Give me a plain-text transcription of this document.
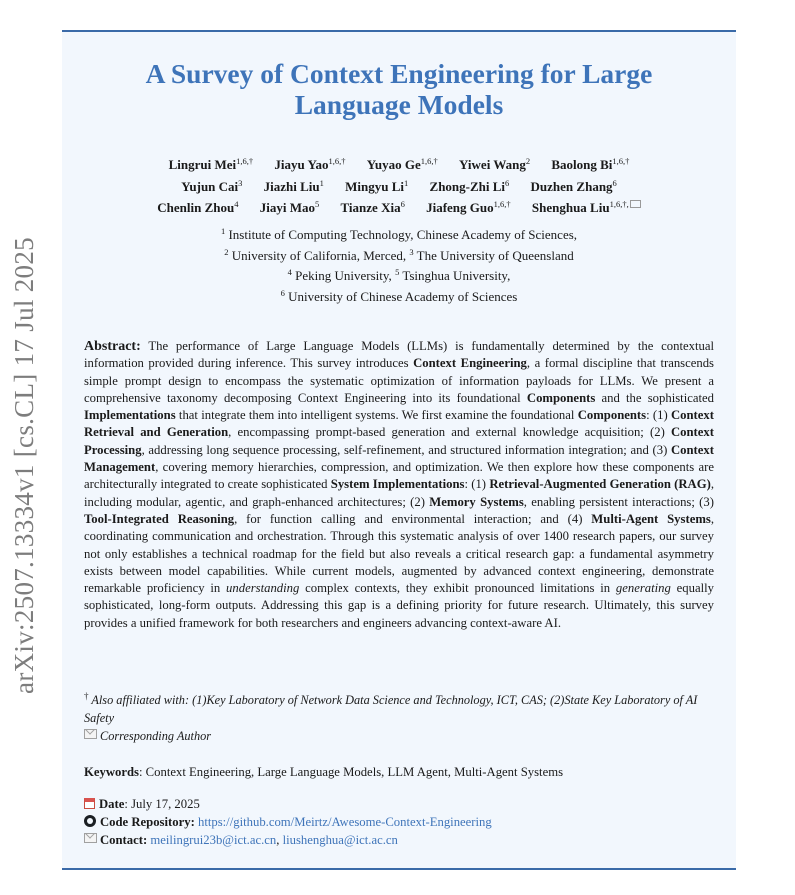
arXiv:2507.13334v1 [cs.CL] 17 Jul 2025
A Survey of Context Engineering for Large Language Models
Lingrui Mei$^{1,6,\dagger}$ Jiayu Yao$^{1,6,\dagger}$ Yuyao $Ge^{1,6,\dagger}$ Yiwei Wang$^2$ Baolong $Bi^{1,6,\dagger}$
Yujun Cai$^3$ Jiazhi Liu$^1$ Mingyu Li$^1$ Zhong-Zhi Li$^6$ Duzhen Zhang$^6$
Chenlin Zhou$^4$ Jiayi Mao$^5$ Tianze Xia$^6$ Jiafeng Guo$^{1,6,\dagger}$ Shenghua Liu$^{1,6,\dagger,}$
$^1$ Institute of Computing Technology, Chinese Academy of Sciences,
$^2$ University of California, Merced, $^3$ The University of Queensland
$^4$ Peking University, $^5$ Tsinghua University,
$^6$ University of Chinese Academy of Sciences
Abstract: The performance of Large Language Models (LLMs) is fundamentally determined by the contextual information provided during inference. This survey introduces Context Engineering, a formal discipline that transcends simple prompt design to encompass the systematic optimization of information payloads for LLMs. We present a comprehensive taxonomy decomposing Context Engineering into its foundational Components and the sophisticated Implementations that integrate them into intelligent systems. We first examine the foundational Components: (1) Context Retrieval and Generation, encompassing prompt-based generation and external knowledge acquisition; (2) Context Processing, addressing long sequence processing, self-refinement, and structured information integration; and (3) Context Management, covering memory hierarchies, compression, and optimization. We then explore how these components are architecturally integrated to create sophisticated System Implementations: (1) Retrieval-Augmented Generation (RAG), including modular, agentic, and graph-enhanced architectures; (2) Memory Systems, enabling persistent interactions; (3) Tool-Integrated Reasoning, for function calling and environmental interaction; and (4) Multi-Agent Systems, coordinating communication and orchestration. Through this systematic analysis of over 1400 research papers, our survey not only establishes a technical roadmap for the field but also reveals a critical research gap: a fundamental asymmetry exists between model capabilities. While current models, augmented by advanced context engineering, demonstrate remarkable proficiency in understanding complex contexts, they exhibit pronounced limitations in generating equally sophisticated, long-form outputs. Addressing this gap is a defining priority for future research. Ultimately, this survey provides a unified framework for both researchers and engineers advancing context-aware AI.
† Also affiliated with: (1)Key Laboratory of Network Data Science and Technology, ICT, CAS; (2)State Key Laboratory of AI Safety
Corresponding Author
Keywords: Context Engineering, Large Language Models, LLM Agent, Multi-Agent Systems
Date: July 17, 2025
Code Repository: https://github.com/Meirtz/Awesome-Context-Engineering
Contact: meilingrui23b@ict.ac.cn, liushenghua@ict.ac.cn
